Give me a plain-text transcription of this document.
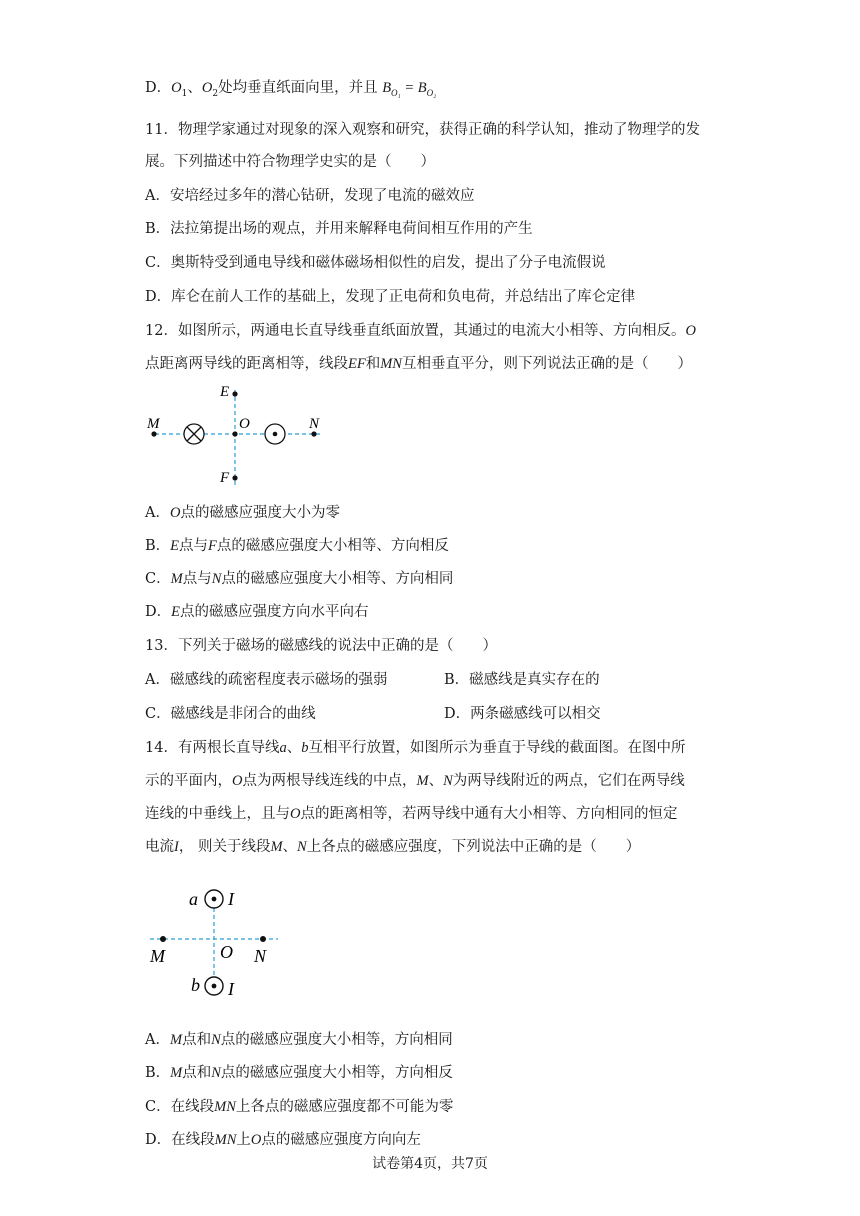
D．$O_1$、$O_2$处均垂直纸面向里，并且 $B_{O_1} = B_{O_2}$
11．物理学家通过对现象的深入观察和研究，获得正确的科学认知，推动了物理学的发
展。下列描述中符合物理学史实的是（　　）
A．安培经过多年的潜心钻研，发现了电流的磁效应
B．法拉第提出场的观点，并用来解释电荷间相互作用的产生
C．奥斯特受到通电导线和磁体磁场相似性的启发，提出了分子电流假说
D．库仑在前人工作的基础上，发现了正电荷和负电荷，并总结出了库仑定律
12．如图所示，两通电长直导线垂直纸面放置，其通过的电流大小相等、方向相反。O
点距离两导线的距离相等，线段EF和MN互相垂直平分，则下列说法正确的是（　　）
E
F
M	N
O
A．O点的磁感应强度大小为零
B．E点与F点的磁感应强度大小相等、方向相反
C．M点与N点的磁感应强度大小相等、方向相同
D．E点的磁感应强度方向水平向右
13．下列关于磁场的磁感线的说法中正确的是（　　）
A．磁感线的疏密程度表示磁场的强弱	B．磁感线是真实存在的
C．磁感线是非闭合的曲线	D．两条磁感线可以相交
14．有两根长直导线a、b互相平行放置，如图所示为垂直于导线的截面图。在图中所
示的平面内，O点为两根导线连线的中点，M、N为两导线附近的两点，它们在两导线
连线的中垂线上，且与O点的距离相等，若两导线中通有大小相等、方向相同的恒定
电流I， 则关于线段M、N上各点的磁感应强度，下列说法中正确的是（　　）
a I
b I
M	N
O
A．M点和N点的磁感应强度大小相等，方向相同
B．M点和N点的磁感应强度大小相等，方向相反
C．在线段MN上各点的磁感应强度都不可能为零
D．在线段MN上O点的磁感应强度方向向左
试卷第4页，共7页
